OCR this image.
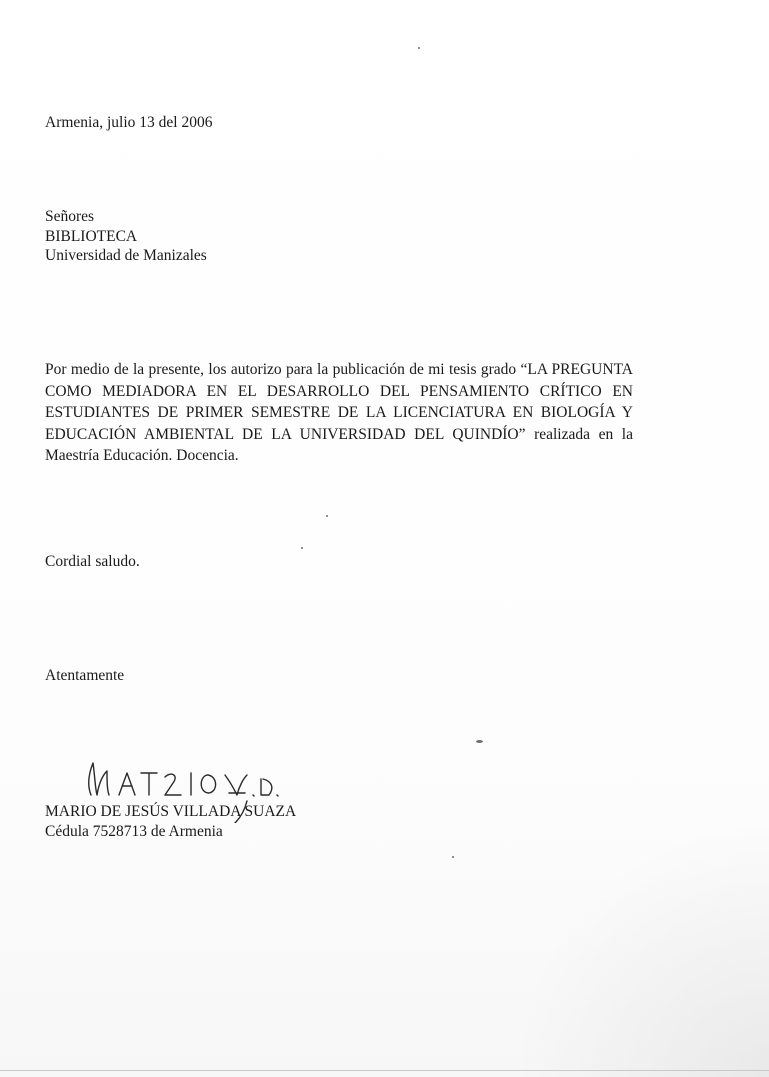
Armenia, julio 13 del 2006
Señores
BIBLIOTECA
Universidad de Manizales
Por medio de la presente, los autorizo para la publicación de mi tesis grado “LA PREGUNTA COMO MEDIADORA EN EL DESARROLLO DEL PENSAMIENTO CRÍTICO EN ESTUDIANTES DE PRIMER SEMESTRE DE LA LICENCIATURA EN BIOLOGÍA Y EDUCACIÓN AMBIENTAL DE LA UNIVERSIDAD DEL QUINDÍO” realizada en la Maestría Educación. Docencia.
Cordial saludo.
Atentamente
MARIO DE JESÚS VILLADA SUAZA
Cédula 7528713 de Armenia
